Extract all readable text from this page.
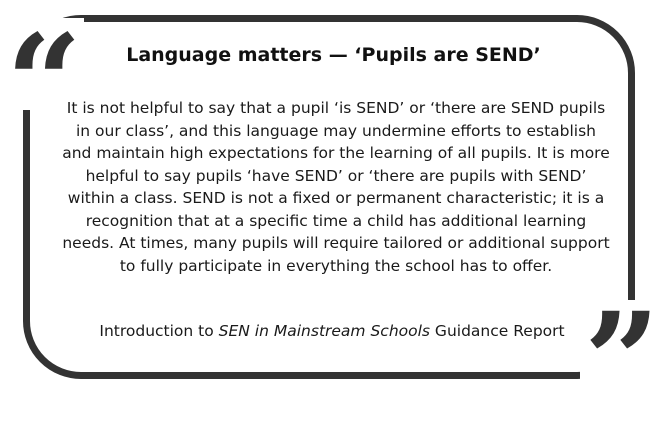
“
”
Language matters — ‘Pupils are SEND’

It is not helpful to say that a pupil ‘is SEND’ or ‘there are SEND pupils in our class’, and this language may undermine efforts to establish and maintain high expectations for the learning of all pupils. It is more helpful to say pupils ‘have SEND’ or ‘there are pupils with SEND’ within a class. SEND is not a fixed or permanent characteristic; it is a recognition that at a specific time a child has additional learning needs. At times, many pupils will require tailored or additional support to fully participate in everything the school has to offer.

Introduction to SEN in Mainstream Schools Guidance Report
